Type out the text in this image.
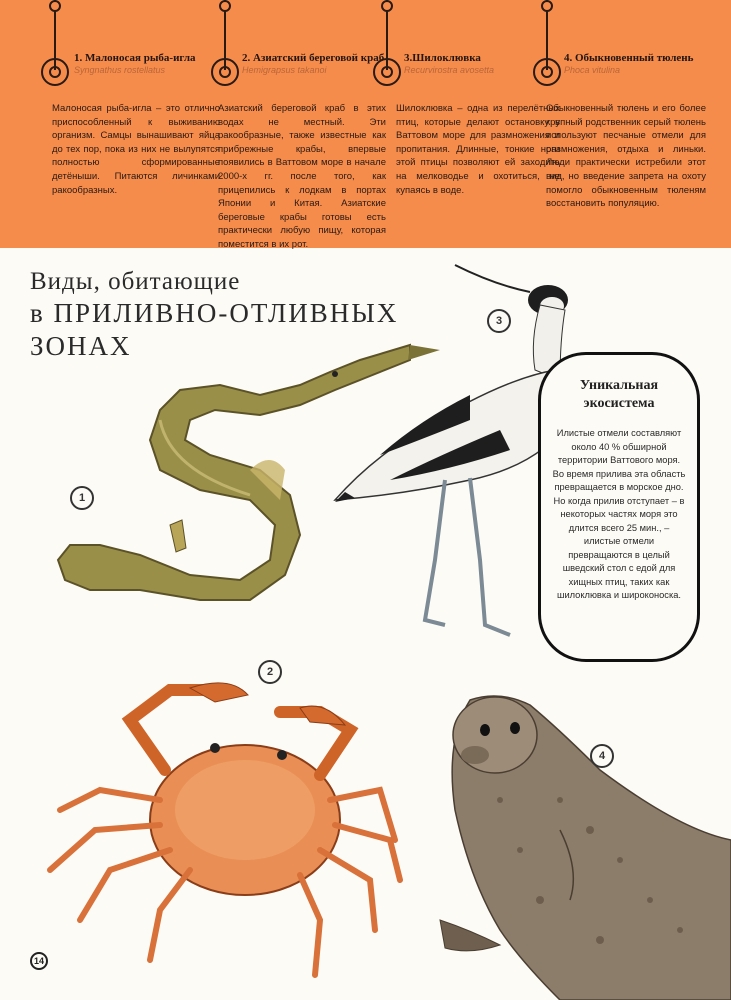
1. Малоносая рыба-игла
Syngnathus rostellatus
Малоносая рыба-игла – это отлично приспособленный к выживанию организм. Самцы вынашивают яйца до тех пор, пока из них не вылупятся полностью сформированные детёныши. Питаются личинками ракообразных.
2. Азиатский береговой краб
Hemigrapsus takanoi
Азиатский береговой краб в этих водах не местный. Эти ракообразные, также известные как прибрежные крабы, впервые появились в Ваттовом море в начале 2000-х гг. после того, как прицепились к лодкам в портах Японии и Китая. Азиатские береговые крабы готовы есть практически любую пищу, которая поместится в их рот.
3.Шилоклювка
Recurvirostra avosetta
Шилоклювка – одна из перелётных птиц, которые делают остановку в Ваттовом море для размножения и пропитания. Длинные, тонкие ноги этой птицы позволяют ей заходить на мелководье и охотиться, не купаясь в воде.
4. Обыкновенный тюлень
Phoca vitulina
Обыкновенный тюлень и его более крупный родственник серый тюлень используют песчаные отмели для размножения, отдыха и линьки. Люди практически истребили этот вид, но введение запрета на охоту помогло обыкновенным тюленям восстановить популяцию.
Виды, обитающие
в ПРИЛИВНО-ОТЛИВНЫХ
ЗОНАХ
1
2
3
4
Уникальная экосистема
Илистые отмели составляют около 40 % обширной территории Ваттового моря. Во время прилива эта область превращается в морское дно. Но когда прилив отступает – в некоторых частях моря это длится всего 25 мин., – илистые отмели превращаются в целый шведский стол с едой для хищных птиц, таких как шилоклювка и широконоска.
14
